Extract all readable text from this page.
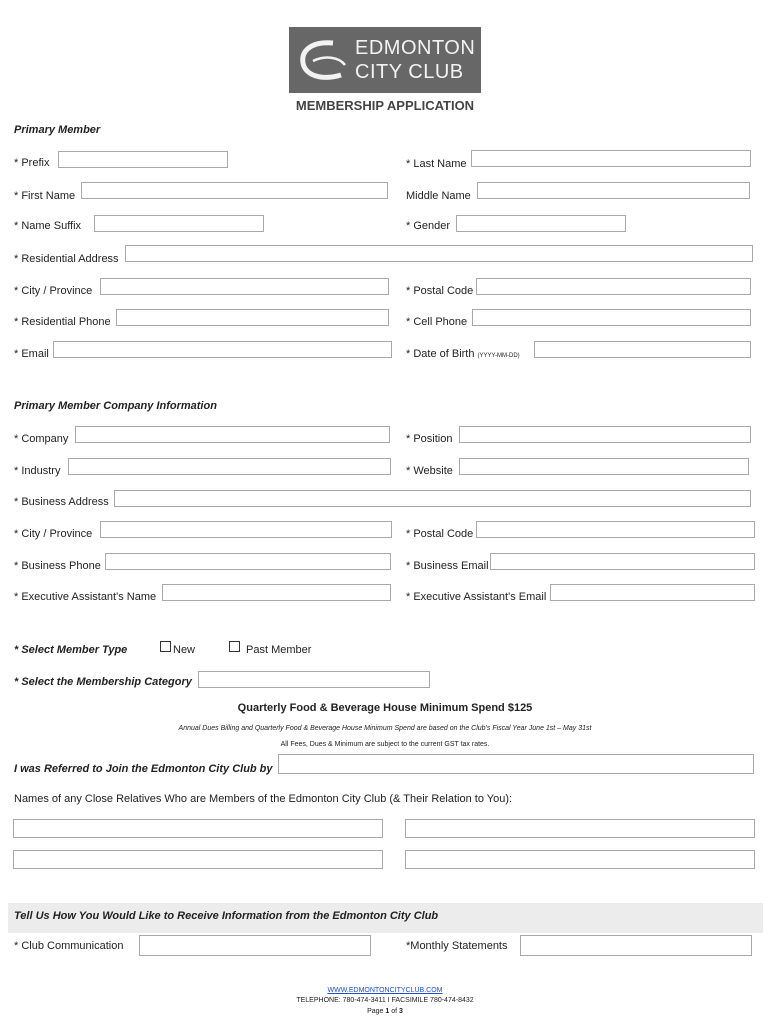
EDMONTON
CITY CLUB
MEMBERSHIP APPLICATION
Primary Member
* Prefix	* Last Name
* First Name	Middle Name
* Name Suffix	* Gender
* Residential Address
* City / Province	* Postal Code
* Residential Phone	* Cell Phone
* Email	* Date of Birth (YYYY-MM-DD)
Primary Member Company Information
* Company	* Position
* Industry	* Website
* Business Address
* City / Province	* Postal Code
* Business Phone	* Business Email
* Executive Assistant's Name	* Executive Assistant's Email
* Select Member Type	New	Past Member
* Select the Membership Category
Quarterly Food & Beverage House Minimum Spend $125
Annual Dues Billing and Quarterly Food & Beverage House Minimum Spend are based on the Club's Fiscal Year June 1st – May 31st
All Fees, Dues & Minimum are subject to the current GST tax rates.
I was Referred to Join the Edmonton City Club by
Names of any Close Relatives Who are Members of the Edmonton City Club (& Their Relation to You):
Tell Us How You Would Like to Receive Information from the Edmonton City Club
* Club Communication	*Monthly Statements
WWW.EDMONTONCITYCLUB.COM
TELEPHONE: 780-474-3411 I FACSIMILE 780-474-8432
Page 1 of 3
